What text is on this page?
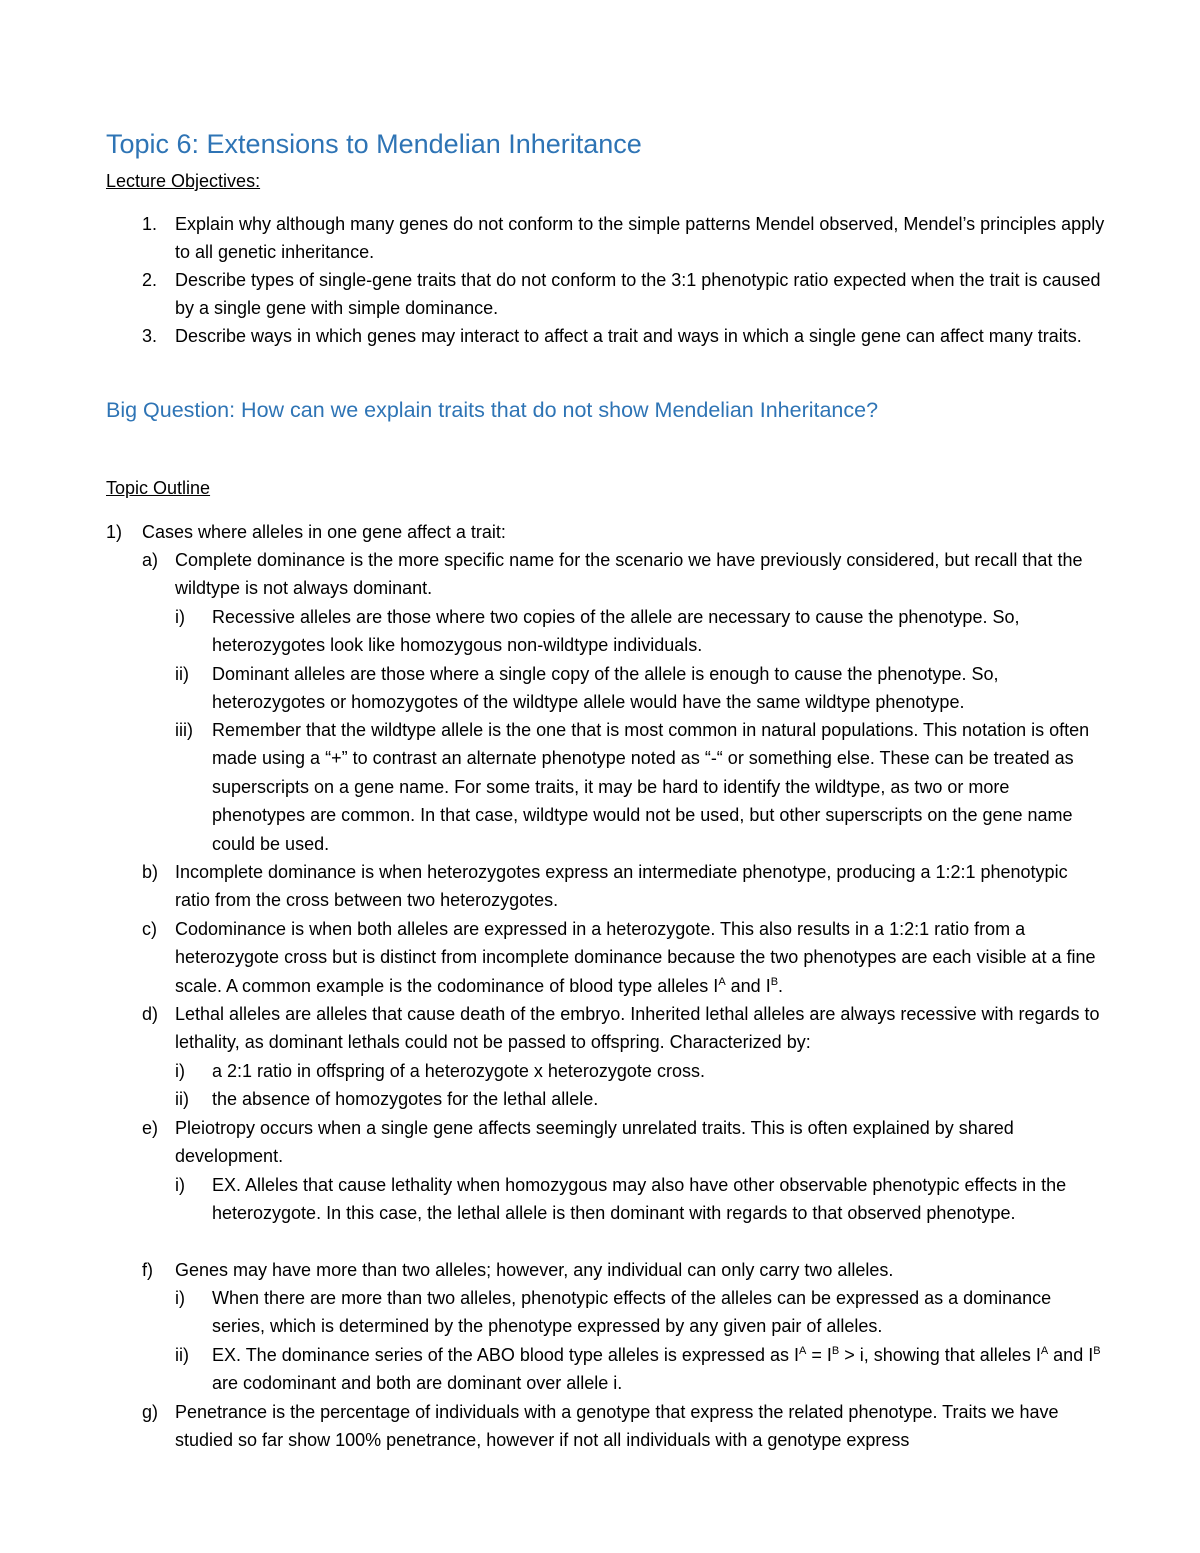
Topic 6: Extensions to Mendelian Inheritance
Lecture Objectives:
1. Explain why although many genes do not conform to the simple patterns Mendel observed, Mendel’s principles apply to all genetic inheritance.
2. Describe types of single-gene traits that do not conform to the 3:1 phenotypic ratio expected when the trait is caused by a single gene with simple dominance.
3. Describe ways in which genes may interact to affect a trait and ways in which a single gene can affect many traits.
Big Question: How can we explain traits that do not show Mendelian Inheritance?
Topic Outline
1) Cases where alleles in one gene affect a trait:
a) Complete dominance is the more specific name for the scenario we have previously considered, but recall that the wildtype is not always dominant.
i) Recessive alleles are those where two copies of the allele are necessary to cause the phenotype. So, heterozygotes look like homozygous non-wildtype individuals.
ii) Dominant alleles are those where a single copy of the allele is enough to cause the phenotype. So, heterozygotes or homozygotes of the wildtype allele would have the same wildtype phenotype.
iii) Remember that the wildtype allele is the one that is most common in natural populations. This notation is often made using a “+” to contrast an alternate phenotype noted as “-“ or something else. These can be treated as superscripts on a gene name. For some traits, it may be hard to identify the wildtype, as two or more phenotypes are common. In that case, wildtype would not be used, but other superscripts on the gene name could be used.
b) Incomplete dominance is when heterozygotes express an intermediate phenotype, producing a 1:2:1 phenotypic ratio from the cross between two heterozygotes.
c) Codominance is when both alleles are expressed in a heterozygote. This also results in a 1:2:1 ratio from a heterozygote cross but is distinct from incomplete dominance because the two phenotypes are each visible at a fine scale. A common example is the codominance of blood type alleles $I^A$ and $I^B$.
d) Lethal alleles are alleles that cause death of the embryo. Inherited lethal alleles are always recessive with regards to lethality, as dominant lethals could not be passed to offspring. Characterized by:
i) a 2:1 ratio in offspring of a heterozygote x heterozygote cross.
ii) the absence of homozygotes for the lethal allele.
e) Pleiotropy occurs when a single gene affects seemingly unrelated traits. This is often explained by shared development.
i) EX. Alleles that cause lethality when homozygous may also have other observable phenotypic effects in the heterozygote. In this case, the lethal allele is then dominant with regards to that observed phenotype.
f) Genes may have more than two alleles; however, any individual can only carry two alleles.
i) When there are more than two alleles, phenotypic effects of the alleles can be expressed as a dominance series, which is determined by the phenotype expressed by any given pair of alleles.
ii) EX. The dominance series of the ABO blood type alleles is expressed as $I^A = I^B > i$, showing that alleles $I^A$ and $I^B$ are codominant and both are dominant over allele i.
g) Penetrance is the percentage of individuals with a genotype that express the related phenotype. Traits we have studied so far show 100% penetrance, however if not all individuals with a genotype express
